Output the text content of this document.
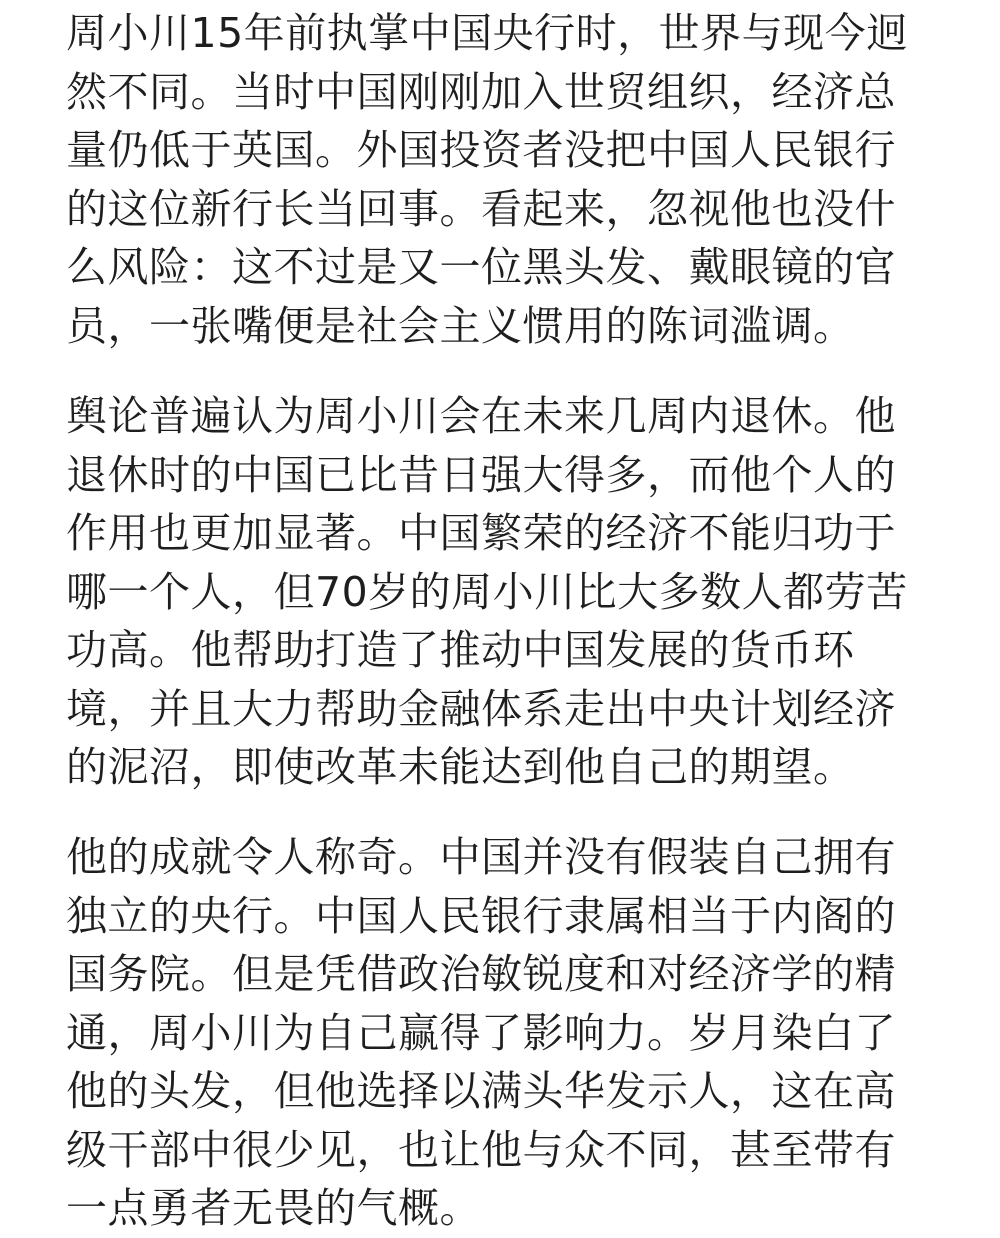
周小川15年前执掌中国央行时，世界与现今迥
然不同。当时中国刚刚加入世贸组织，经济总
量仍低于英国。外国投资者没把中国人民银行
的这位新行长当回事。看起来，忽视他也没什
么风险：这不过是又一位黑头发、戴眼镜的官
员，一张嘴便是社会主义惯用的陈词滥调。
舆论普遍认为周小川会在未来几周内退休。他
退休时的中国已比昔日强大得多，而他个人的
作用也更加显著。中国繁荣的经济不能归功于
哪一个人，但70岁的周小川比大多数人都劳苦
功高。他帮助打造了推动中国发展的货币环
境，并且大力帮助金融体系走出中央计划经济
的泥沼，即使改革未能达到他自己的期望。
他的成就令人称奇。中国并没有假装自己拥有
独立的央行。中国人民银行隶属相当于内阁的
国务院。但是凭借政治敏锐度和对经济学的精
通，周小川为自己赢得了影响力。岁月染白了
他的头发，但他选择以满头华发示人，这在高
级干部中很少见，也让他与众不同，甚至带有
一点勇者无畏的气概。
